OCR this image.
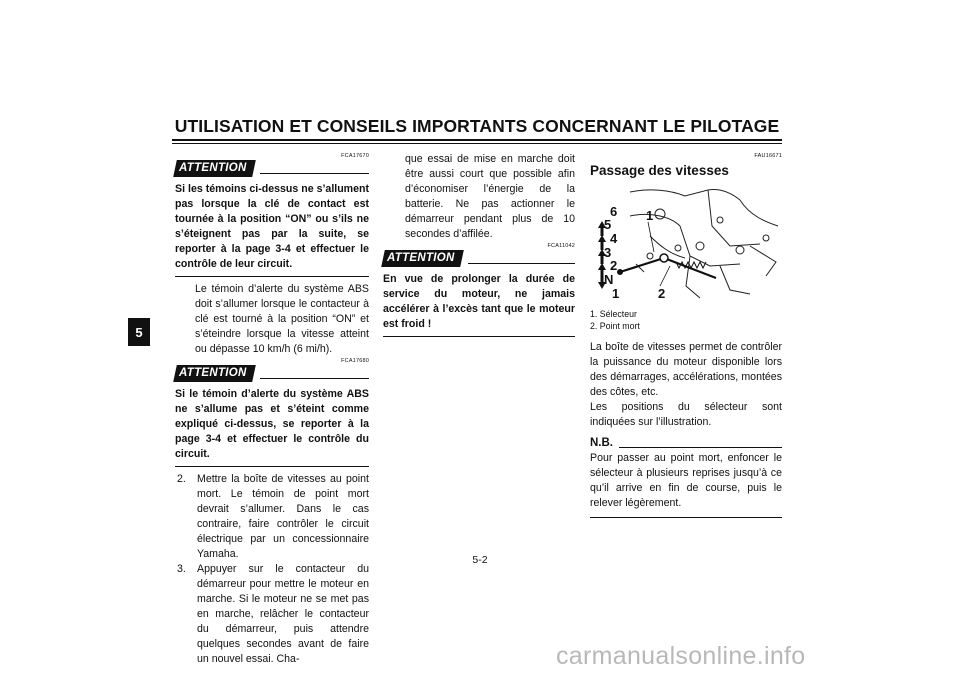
UTILISATION ET CONSEILS IMPORTANTS CONCERNANT LE PILOTAGE
5
FCA17670
ATTENTION

Si les témoins ci-dessus ne s’allument pas lorsque la clé de contact est tournée à la position “ON” ou s’ils ne s’éteignent pas par la suite, se reporter à la page 3-4 et effectuer le contrôle de leur circuit.

Le témoin d’alerte du système ABS doit s’allumer lorsque le contacteur à clé est tourné à la position “ON” et s’éteindre lorsque la vitesse atteint ou dépasse 10 km/h (6 mi/h).

FCA17680
ATTENTION

Si le témoin d’alerte du système ABS ne s’allume pas et s’éteint comme expliqué ci-dessus, se reporter à la page 3-4 et effectuer le contrôle du circuit.

2.	Mettre la boîte de vitesses au point mort. Le témoin de point mort devrait s’allumer. Dans le cas contraire, faire contrôler le circuit électrique par un concessionnaire Yamaha.
3.	Appuyer sur le contacteur du démarreur pour mettre le moteur en marche. Si le moteur ne se met pas en marche, relâcher le contacteur du démarreur, puis attendre quelques secondes avant de faire un nouvel essai. Cha-

que essai de mise en marche doit être aussi court que possible afin d’économiser l’énergie de la batterie. Ne pas actionner le démarreur pendant plus de 10 secondes d’affilée.

FCA11042
ATTENTION

En vue de prolonger la durée de service du moteur, ne jamais accélérer à l’excès tant que le moteur est froid !

FAU16671
Passage des vitesses
6
5
4
3
2
N
1
1
2
1. Sélecteur
2. Point mort

La boîte de vitesses permet de contrôler la puissance du moteur disponible lors des démarrages, accélérations, montées des côtes, etc.

Les positions du sélecteur sont indiquées sur l’illustration.

N.B.

Pour passer au point mort, enfoncer le sélecteur à plusieurs reprises jusqu’à ce qu’il arrive en fin de course, puis le relever légèrement.

5-2
carmanualsonline.info
